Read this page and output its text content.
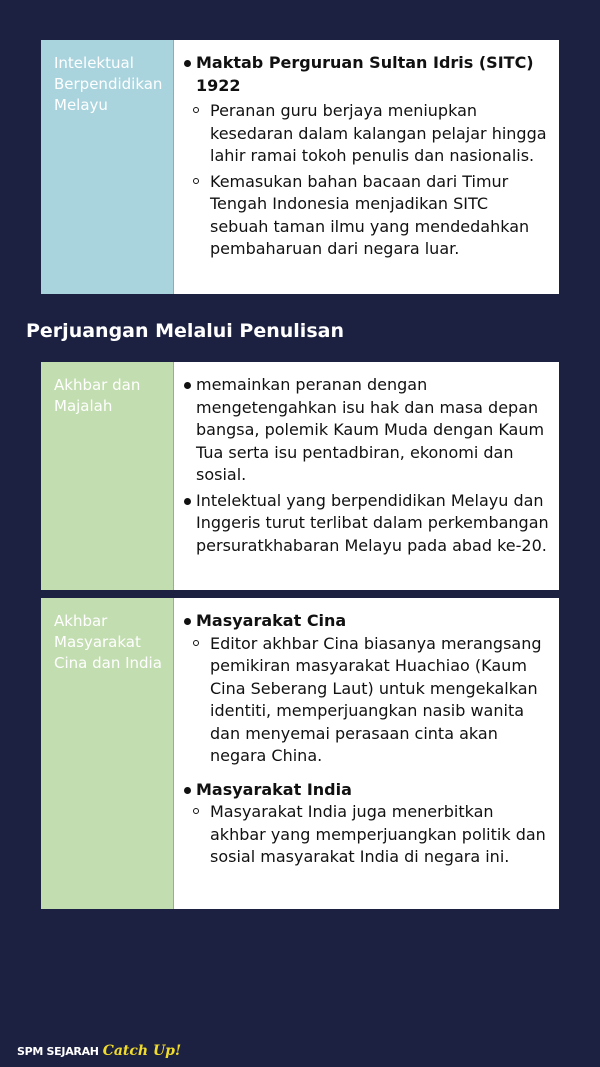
Intelektual Berpendidikan Melayu
Maktab Perguruan Sultan Idris (SITC) 1922
Peranan guru berjaya meniupkan kesedaran dalam kalangan pelajar hingga lahir ramai tokoh penulis dan nasionalis.
Kemasukan bahan bacaan dari Timur Tengah Indonesia menjadikan SITC sebuah taman ilmu yang mendedahkan pembaharuan dari negara luar.
Perjuangan Melalui Penulisan
Akhbar dan Majalah
memainkan peranan dengan mengetengahkan isu hak dan masa depan bangsa, polemik Kaum Muda dengan Kaum Tua serta isu pentadbiran, ekonomi dan sosial.
Intelektual yang berpendidikan Melayu dan Inggeris turut terlibat dalam perkembangan persuratkhabaran Melayu pada abad ke-20.
Akhbar Masyarakat Cina dan India
Masyarakat Cina
Editor akhbar Cina biasanya merangsang pemikiran masyarakat Huachiao (Kaum Cina Seberang Laut) untuk mengekalkan identiti, memperjuangkan nasib wanita dan menyemai perasaan cinta akan negara China.
Masyarakat India
Masyarakat India juga menerbitkan akhbar yang memperjuangkan politik dan sosial masyarakat India di negara ini.
SPM SEJARAH Catch Up!
